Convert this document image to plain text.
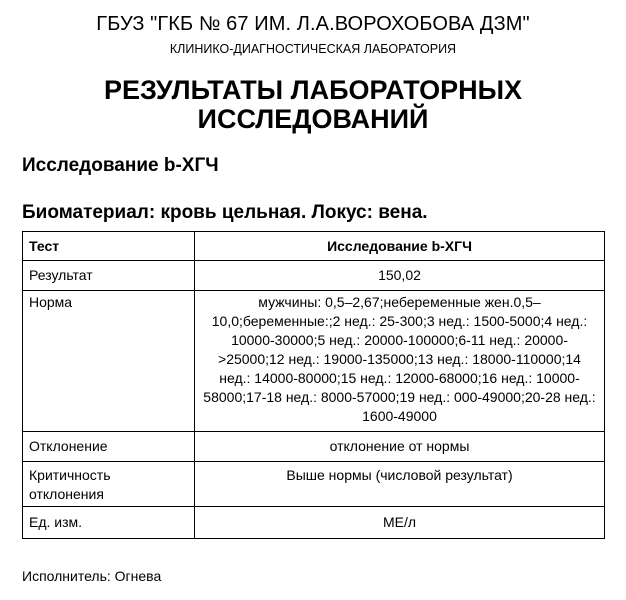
ГБУЗ "ГКБ № 67 ИМ. Л.А.ВОРОХОБОВА ДЗМ"
КЛИНИКО-ДИАГНОСТИЧЕСКАЯ ЛАБОРАТОРИЯ
РЕЗУЛЬТАТЫ ЛАБОРАТОРНЫХ ИССЛЕДОВАНИЙ
Исследование b-ХГЧ
Биоматериал: кровь цельная. Локус: вена.
Тест	Исследование b-ХГЧ
Результат	150,02
Норма	мужчины: 0,5–2,67;небеременные жен.0,5–10,0;беременные:;2 нед.: 25-300;3 нед.: 1500-5000;4 нед.: 10000-30000;5 нед.: 20000-100000;6-11 нед.: 20000->25000;12 нед.: 19000-135000;13 нед.: 18000-110000;14 нед.: 14000-80000;15 нед.: 12000-68000;16 нед.: 10000-58000;17-18 нед.: 8000-57000;19 нед.: 000-49000;20-28 нед.: 1600-49000
Отклонение	отклонение от нормы
Критичность отклонения	Выше нормы (числовой результат)
Ед. изм.	МЕ/л
Исполнитель: Огнева
